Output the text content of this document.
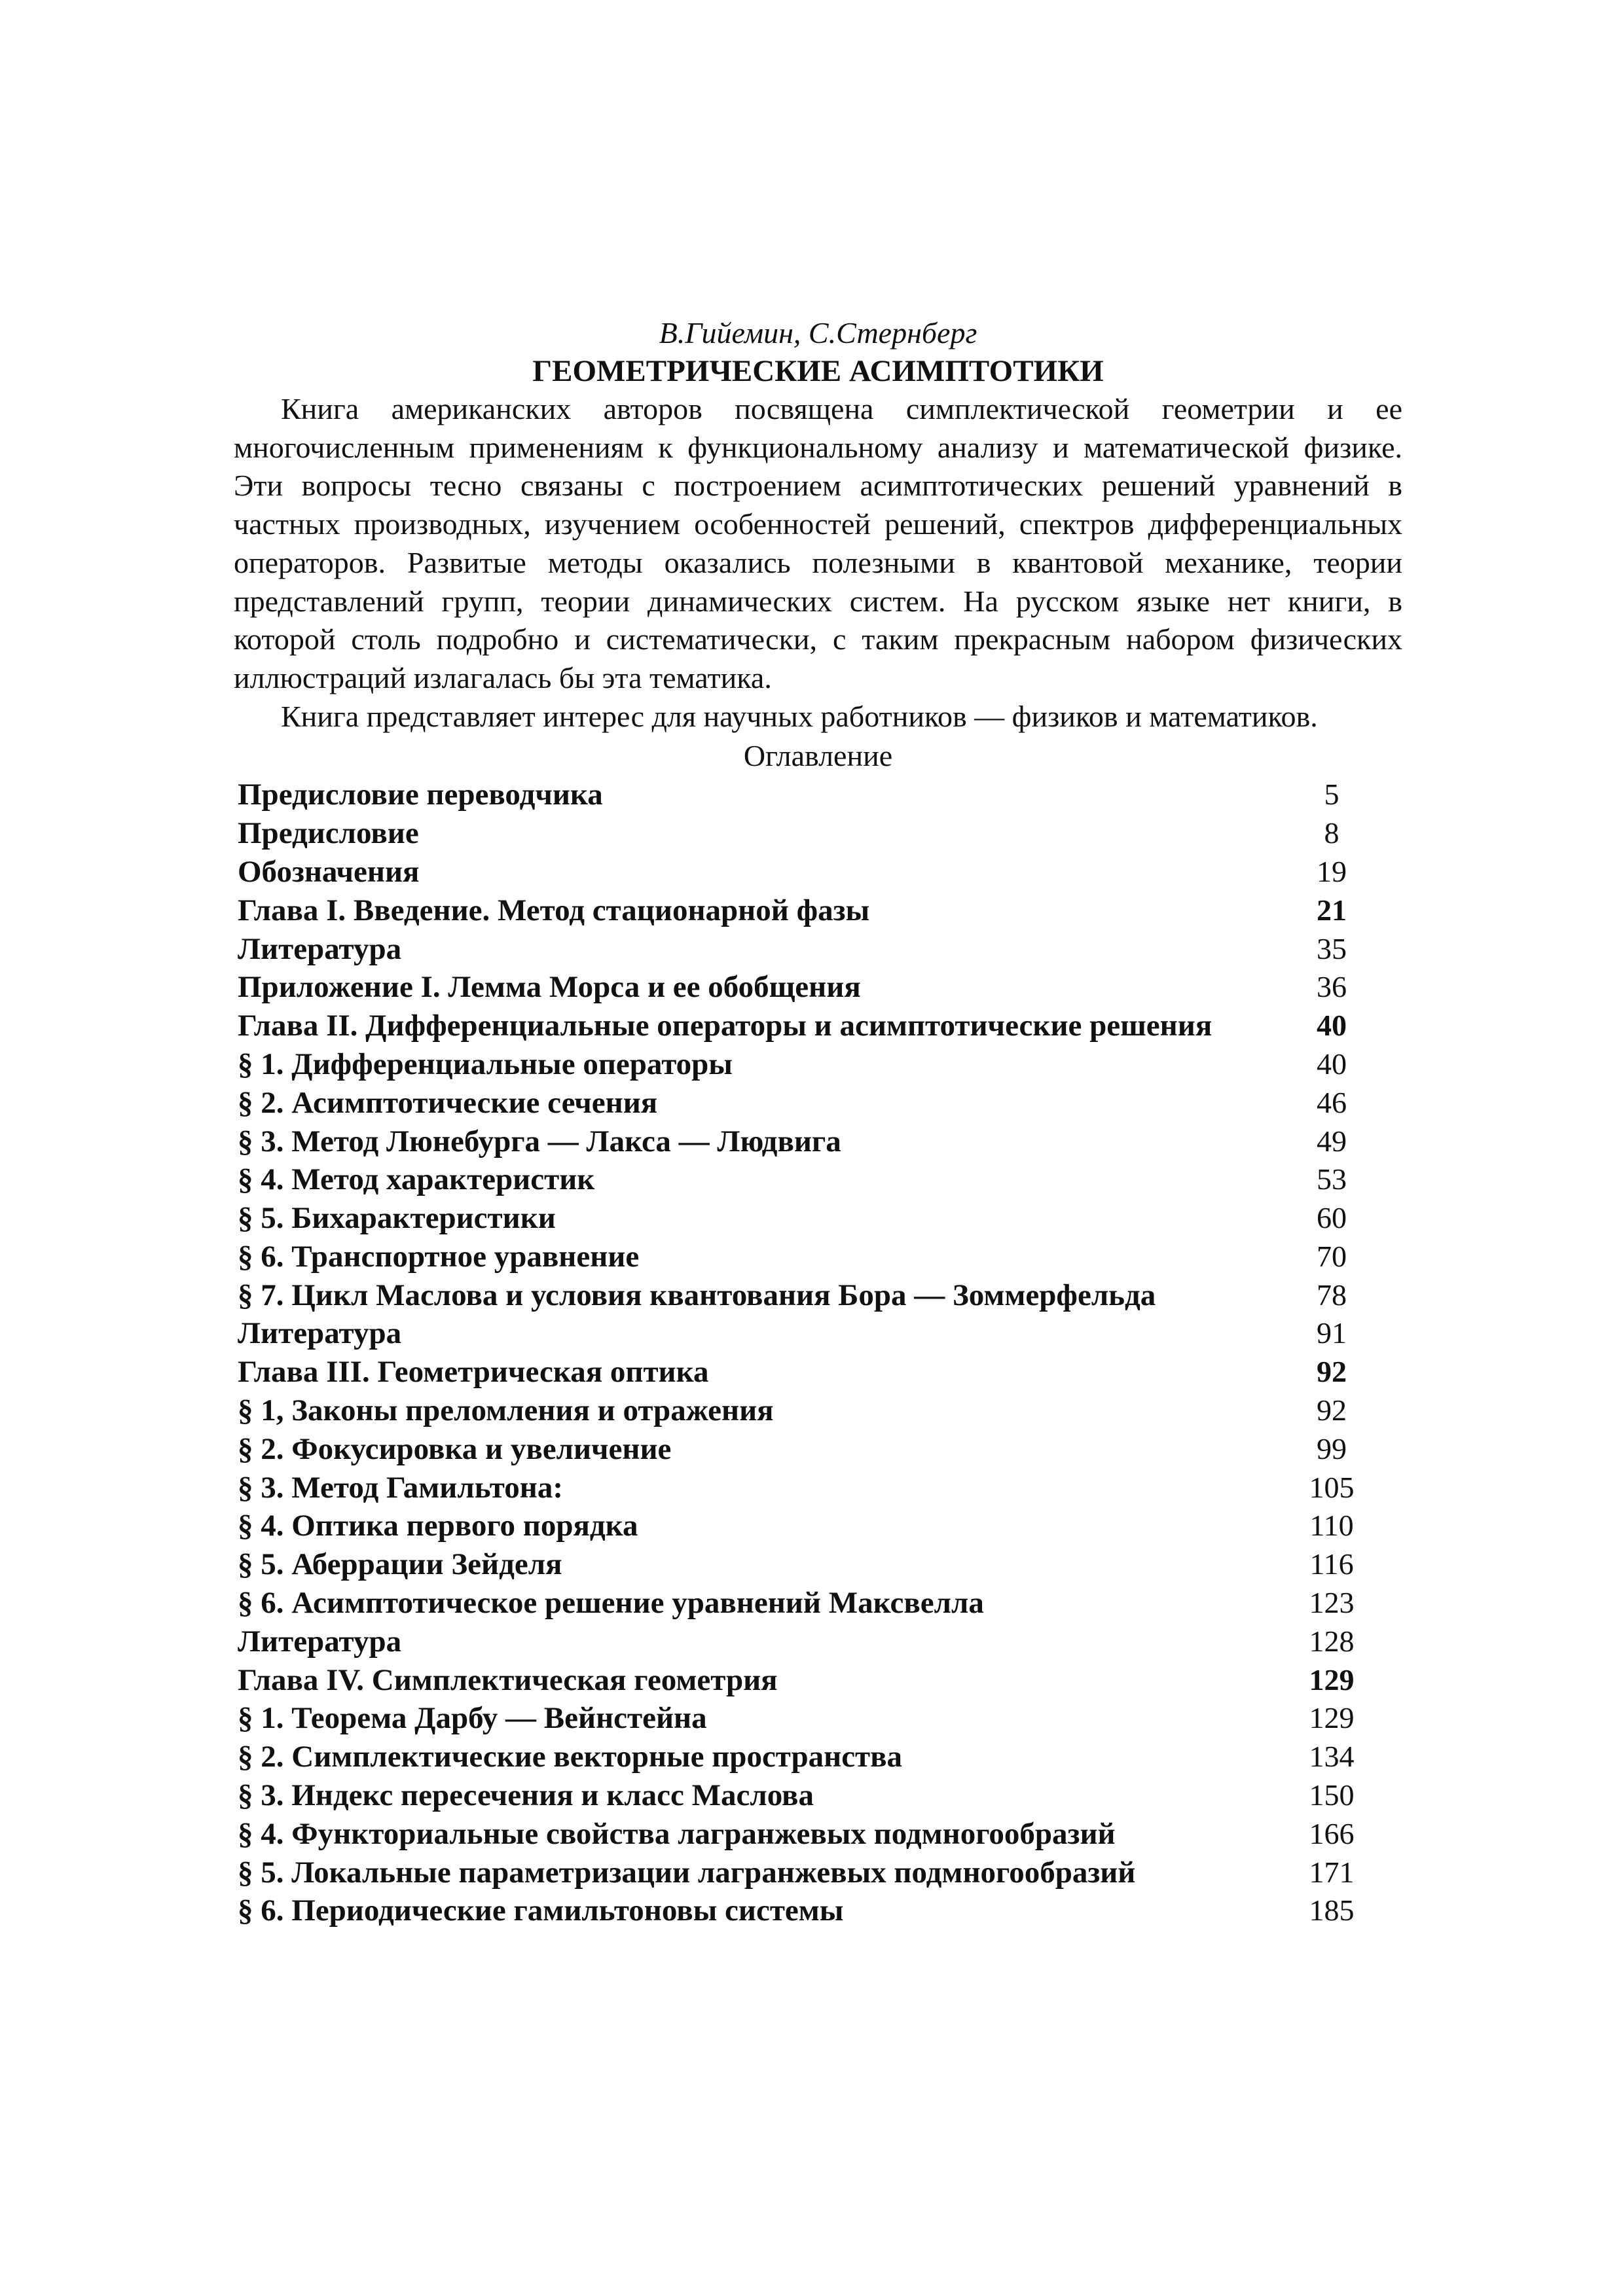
В.Гийемин, С.Стернберг

ГЕОМЕТРИЧЕСКИЕ АСИМПТОТИКИ

Книга американских авторов посвящена симплектической геометрии и ее многочисленным применениям к функциональному анализу и математической физике. Эти вопросы тесно связаны с построением асимптотических решений уравнений в частных производных, изучением особенностей решений, спектров дифференциальных операторов. Развитые методы оказались полезными в квантовой механике, теории представлений групп, теории динамических систем. На русском языке нет книги, в которой столь подробно и систематически, с таким прекрасным набором физических иллюстраций излагалась бы эта тематика.

Книга представляет интерес для научных работников — физиков и математиков.

Оглавление

Предисловие переводчика	5
Предисловие	8
Обозначения	19
Глава I. Введение. Метод стационарной фазы	21
Литература	35
Приложение I. Лемма Морса и ее обобщения	36
Глава II. Дифференциальные операторы и асимптотические решения	40
§ 1. Дифференциальные операторы	40
§ 2. Асимптотические сечения	46
§ 3. Метод Люнебурга — Лакса — Людвига	49
§ 4. Метод характеристик	53
§ 5. Бихарактеристики	60
§ 6. Транспортное уравнение	70
§ 7. Цикл Маслова и условия квантования Бора — Зоммерфельда	78
Литература	91
Глава III. Геометрическая оптика	92
§ 1, Законы преломления и отражения	92
§ 2. Фокусировка и увеличение	99
§ 3. Метод Гамильтона:	105
§ 4. Оптика первого порядка	110
§ 5. Аберрации Зейделя	116
§ 6. Асимптотическое решение уравнений Максвелла	123
Литература	128
Глава IV. Симплектическая геометрия	129
§ 1. Теорема Дарбу — Вейнстейна	129
§ 2. Симплектические векторные пространства	134
§ 3. Индекс пересечения и класс Маслова	150
§ 4. Функториальные свойства лагранжевых подмногообразий	166
§ 5. Локальные параметризации лагранжевых подмногообразий	171
§ 6. Периодические гамильтоновы системы	185
